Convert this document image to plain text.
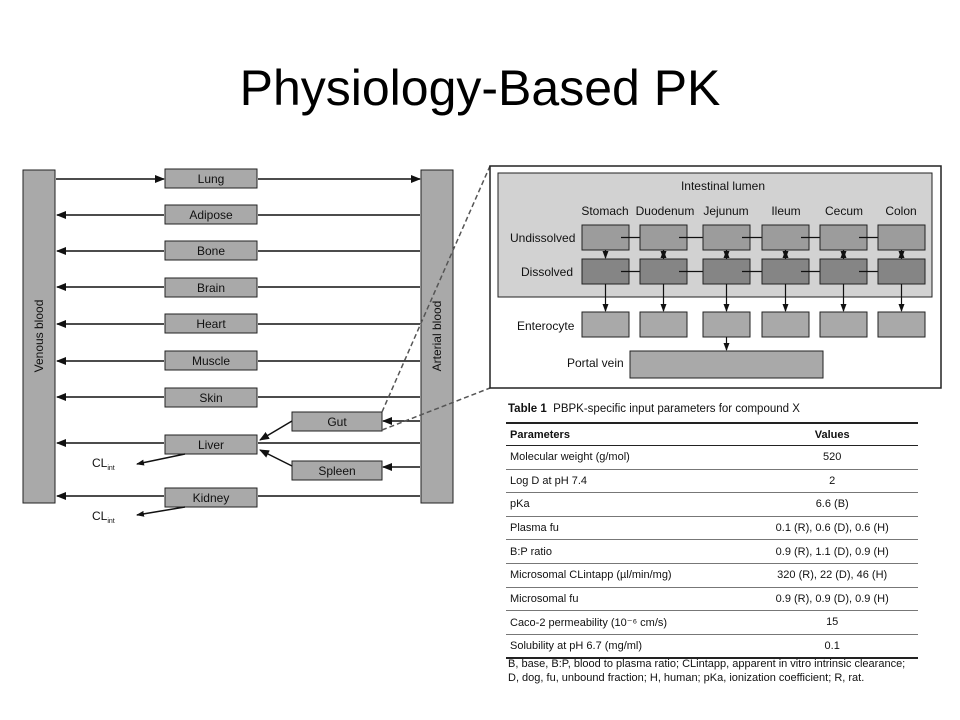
Physiology-Based PK
Venous blood	Arterial blood
Lung
Adipose
Bone
Brain
Heart
Muscle
Skin
Gut
Liver
$CL_{int}$	Spleen
Kidney
$CL_{int}$
Intestinal lumen
Stomach Duodenum Jejunum Ileum Cecum Colon
Undissolved
Dissolved
Enterocyte
Portal vein
Table 1 PBPK-specific input parameters for compound X
Parameters	Values
Molecular weight (g/mol)	520
Log D at pH 7.4	2
pKa	6.6 (B)
Plasma fu	0.1 (R), 0.6 (D), 0.6 (H)
B:P ratio	0.9 (R), 1.1 (D), 0.9 (H)
Microsomal CLintapp (µl/min/mg)	320 (R), 22 (D), 46 (H)
Microsomal fu	0.9 (R), 0.9 (D), 0.9 (H)
Caco-2 permeability (10⁻⁶ cm/s)	15
Solubility at pH 6.7 (mg/ml)	0.1
B, base, B:P, blood to plasma ratio; CLintapp, apparent in vitro intrinsic clearance; D, dog, fu, unbound fraction; H, human; pKa, ionization coefficient; R, rat.
